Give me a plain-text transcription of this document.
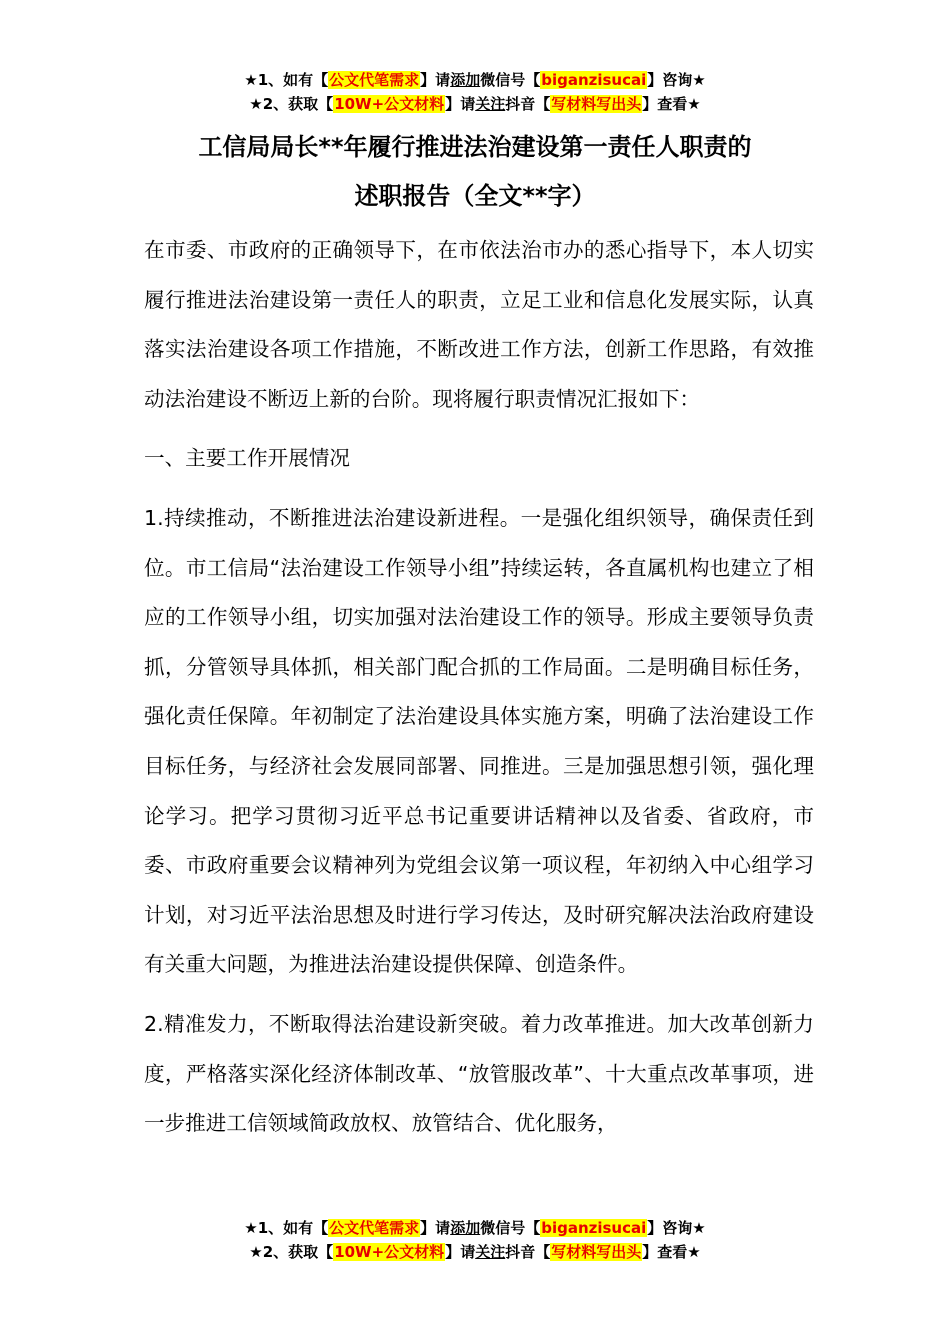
★1、如有【公文代笔需求】请添加微信号【biganzisucai】咨询★
★2、获取【10W+公文材料】请关注抖音【写材料写出头】查看★
工信局局长**年履行推进法治建设第一责任人职责的
述职报告（全文**字）

在市委、市政府的正确领导下，在市依法治市办的悉心指导下，本人切实履行推进法治建设第一责任人的职责，立足工业和信息化发展实际，认真落实法治建设各项工作措施，不断改进工作方法，创新工作思路，有效推动法治建设不断迈上新的台阶。现将履行职责情况汇报如下：

一、主要工作开展情况

1.持续推动，不断推进法治建设新进程。一是强化组织领导，确保责任到位。市工信局“法治建设工作领导小组”持续运转，各直属机构也建立了相应的工作领导小组，切实加强对法治建设工作的领导。形成主要领导负责抓，分管领导具体抓，相关部门配合抓的工作局面。二是明确目标任务，强化责任保障。年初制定了法治建设具体实施方案，明确了法治建设工作目标任务，与经济社会发展同部署、同推进。三是加强思想引领，强化理论学习。把学习贯彻习近平总书记重要讲话精神以及省委、省政府，市委、市政府重要会议精神列为党组会议第一项议程，年初纳入中心组学习计划，对习近平法治思想及时进行学习传达，及时研究解决法治政府建设有关重大问题，为推进法治建设提供保障、创造条件。

2.精准发力，不断取得法治建设新突破。着力改革推进。加大改革创新力度，严格落实深化经济体制改革、“放管服改革”、十大重点改革事项，进一步推进工信领域简政放权、放管结合、优化服务，

★1、如有【公文代笔需求】请添加微信号【biganzisucai】咨询★
★2、获取【10W+公文材料】请关注抖音【写材料写出头】查看★
